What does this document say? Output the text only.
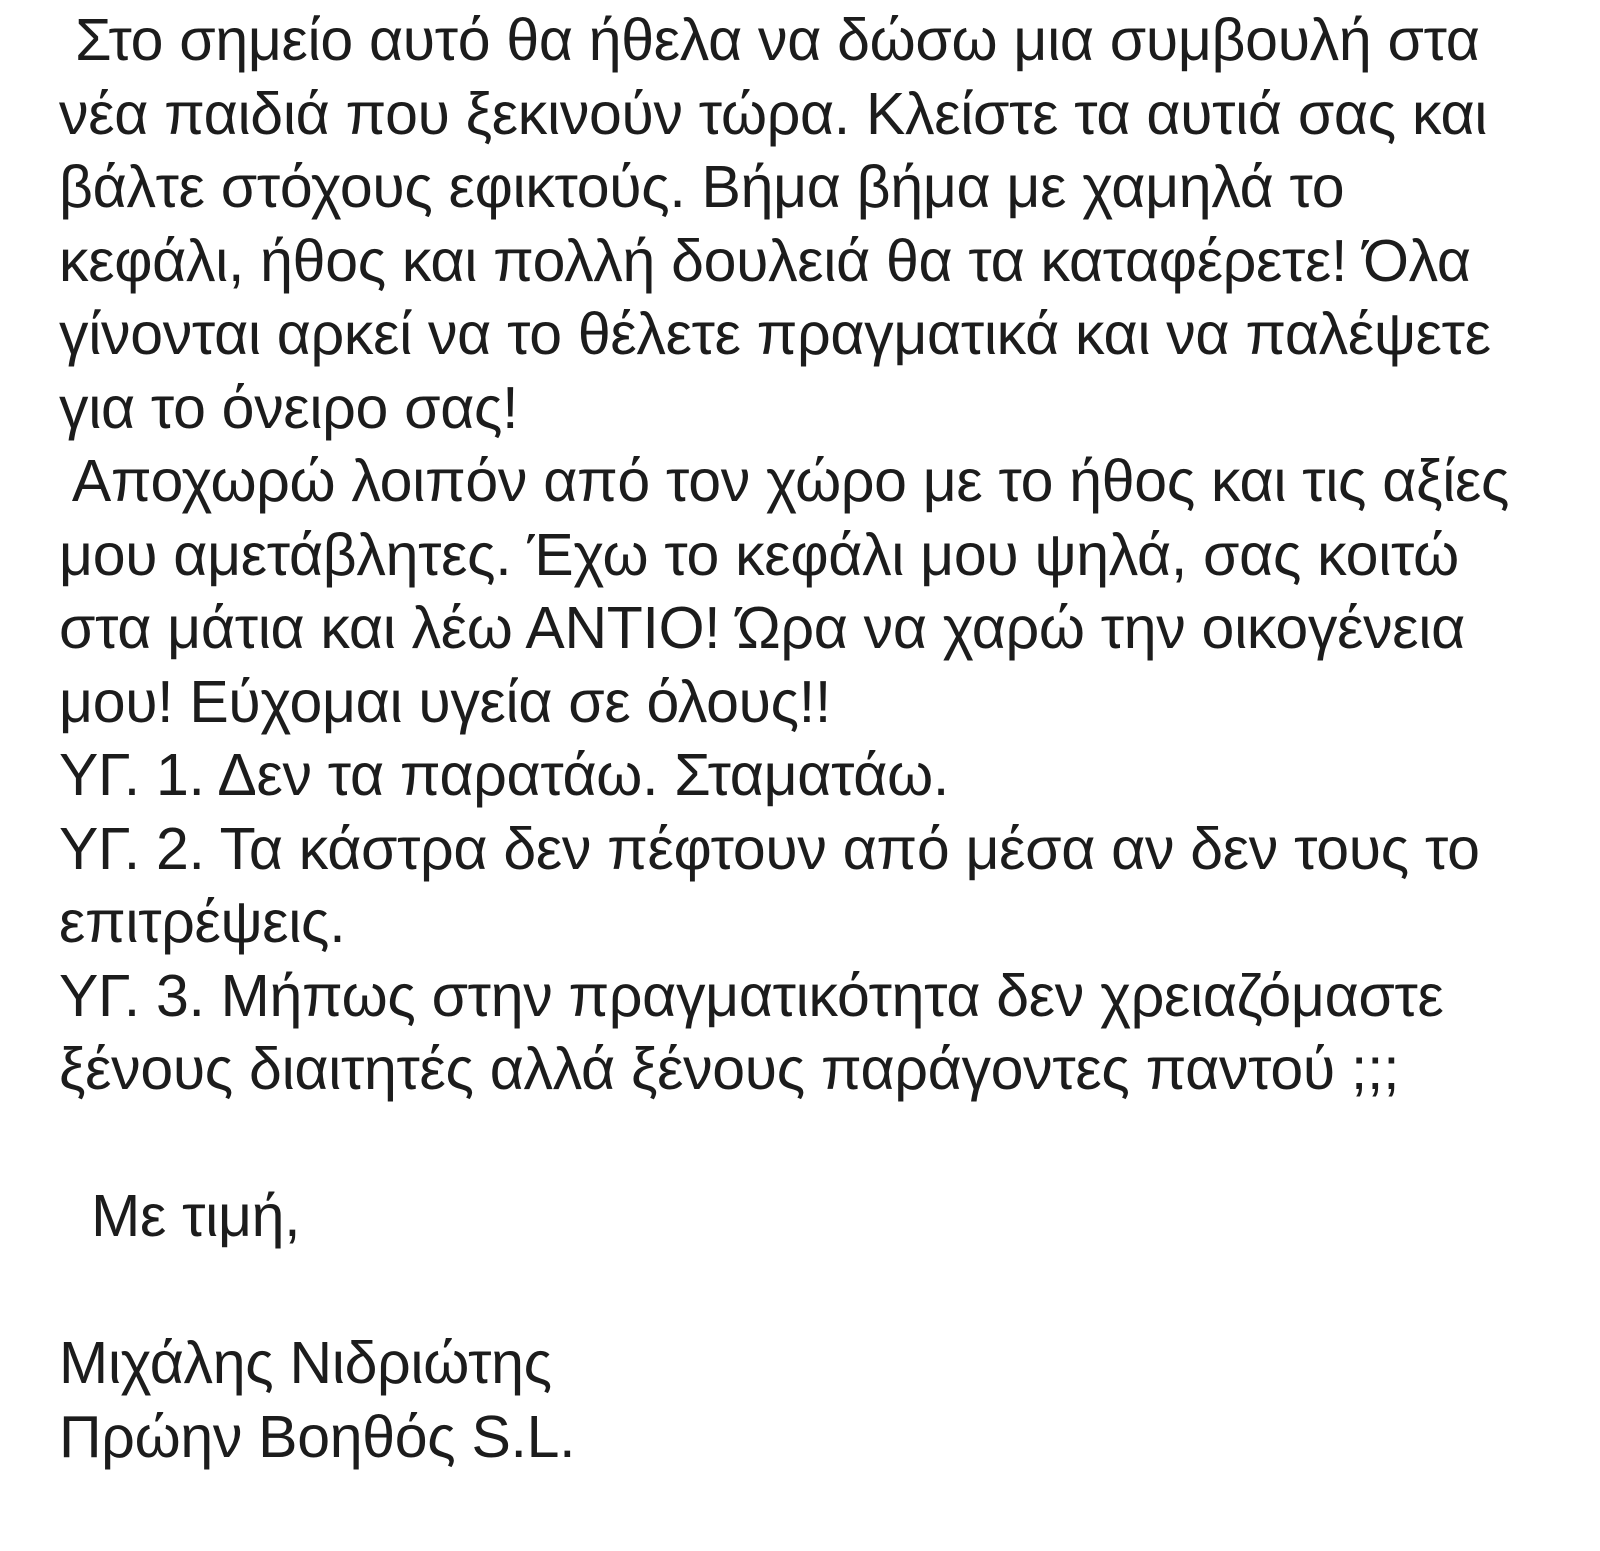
Στο σημείο αυτό θα ήθελα να δώσω μια συμβουλή στα
νέα παιδιά που ξεκινούν τώρα. Κλείστε τα αυτιά σας και
βάλτε στόχους εφικτούς. Βήμα βήμα με χαμηλά το
κεφάλι, ήθος και πολλή δουλειά θα τα καταφέρετε! Όλα
γίνονται αρκεί να το θέλετε πραγματικά και να παλέψετε
για το όνειρο σας!
Αποχωρώ λοιπόν από τον χώρο με το ήθος και τις αξίες
μου αμετάβλητες. Έχω το κεφάλι μου ψηλά, σας κοιτώ
στα μάτια και λέω ΑΝΤΙΟ! Ώρα να χαρώ την οικογένεια
μου! Εύχομαι υγεία σε όλους!!
ΥΓ. 1. Δεν τα παρατάω. Σταματάω.
ΥΓ. 2. Τα κάστρα δεν πέφτουν από μέσα αν δεν τους το
επιτρέψεις.
ΥΓ. 3. Μήπως στην πραγματικότητα δεν χρειαζόμαστε
ξένους διαιτητές αλλά ξένους παράγοντες παντού ;;;
Με τιμή,
Μιχάλης Νιδριώτης
Πρώην Βοηθός S.L.
